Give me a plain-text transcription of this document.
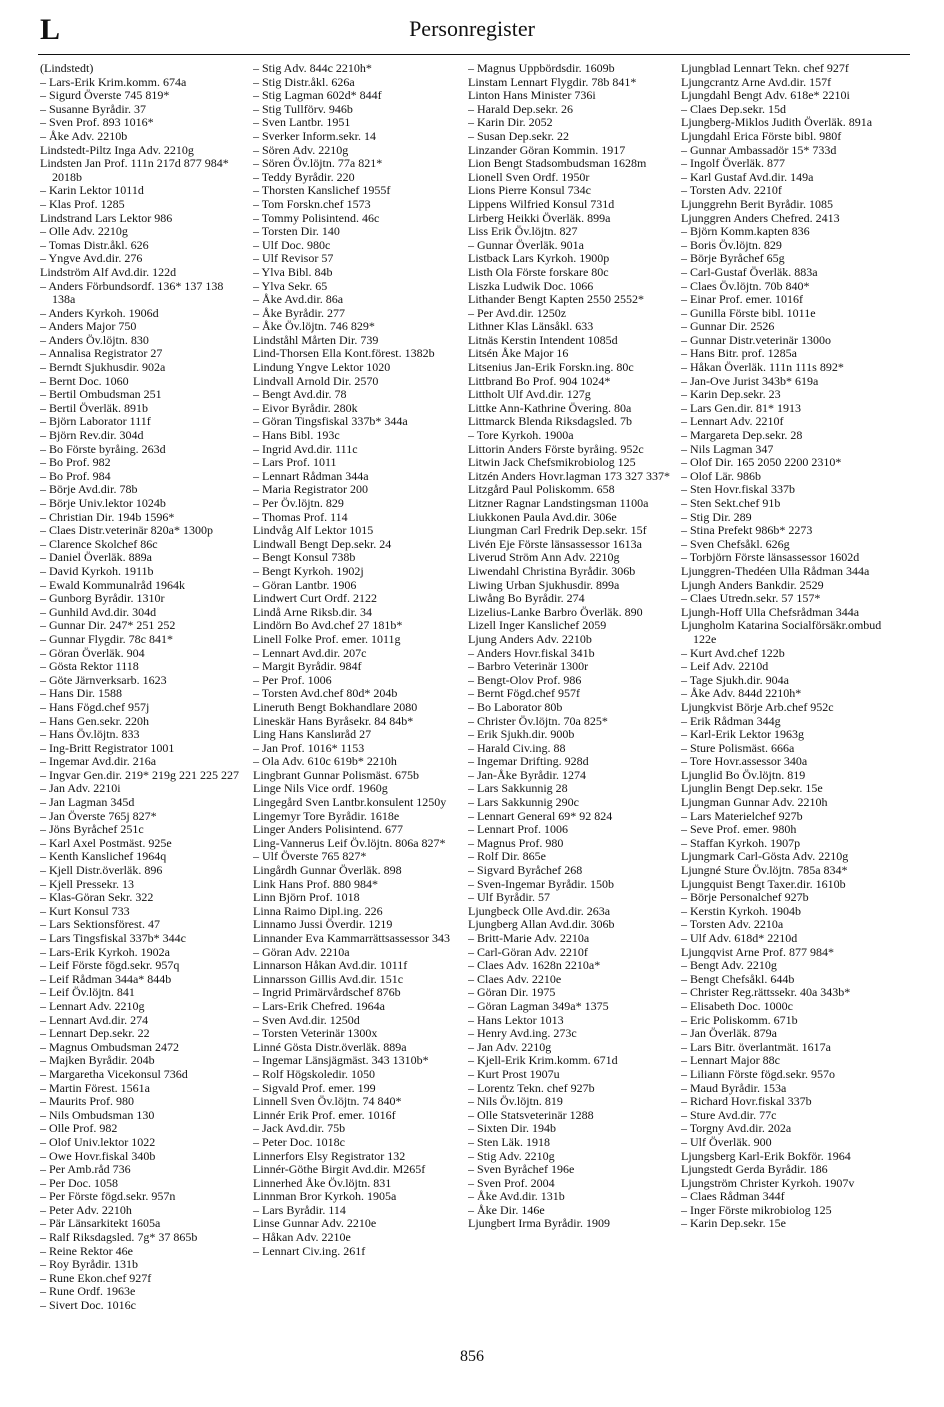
L	Personregister
(Lindstedt)
– Lars-Erik Krim.komm. 674a
– Sigurd Överste 745 819*
– Susanne Byrådir. 37
– Sven Prof. 893 1016*
– Åke Adv. 2210b
Lindstedt-Piltz Inga Adv. 2210g
Lindsten Jan Prof. 111n 217d 877 984* 2018b
– Karin Lektor 1011d
– Klas Prof. 1285
Lindstrand Lars Lektor 986
– Olle Adv. 2210g
– Tomas Distr.åkl. 626
– Yngve Avd.dir. 276
Lindström Alf Avd.dir. 122d
– Anders Förbundsordf. 136* 137 138 138a
– Anders Kyrkoh. 1906d
– Anders Major 750
– Anders Öv.löjtn. 830
– Annalisa Registrator 27
– Berndt Sjukhusdir. 902a
– Bernt Doc. 1060
– Bertil Ombudsman 251
– Bertil Överläk. 891b
– Björn Laborator 111f
– Björn Rev.dir. 304d
– Bo Förste byråing. 263d
– Bo Prof. 982
– Bo Prof. 984
– Börje Avd.dir. 78b
– Börje Univ.lektor 1024b
– Christian Dir. 194b 1596*
– Claes Distr.veterinär 820a* 1300p
– Clarence Skolchef 86c
– Daniel Överläk. 889a
– David Kyrkoh. 1911b
– Ewald Kommunalråd 1964k
– Gunborg Byrådir. 1310r
– Gunhild Avd.dir. 304d
– Gunnar Dir. 247* 251 252
– Gunnar Flygdir. 78c 841*
– Göran Överläk. 904
– Gösta Rektor 1118
– Göte Järnverksarb. 1623
– Hans Dir. 1588
– Hans Fögd.chef 957j
– Hans Gen.sekr. 220h
– Hans Öv.löjtn. 833
– Ing-Britt Registrator 1001
– Ingemar Avd.dir. 216a
– Ingvar Gen.dir. 219* 219g 221 225 227
– Jan Adv. 2210i
– Jan Lagman 345d
– Jan Överste 765j 827*
– Jöns Byråchef 251c
– Karl Axel Postmäst. 925e
– Kenth Kanslichef 1964q
– Kjell Distr.överläk. 896
– Kjell Pressekr. 13
– Klas-Göran Sekr. 322
– Kurt Konsul 733
– Lars Sektionsförest. 47
– Lars Tingsfiskal 337b* 344c
– Lars-Erik Kyrkoh. 1902a
– Leif Förste fögd.sekr. 957q
– Leif Rådman 344a* 844b
– Leif Öv.löjtn. 841
– Lennart Adv. 2210g
– Lennart Avd.dir. 274
– Lennart Dep.sekr. 22
– Magnus Ombudsman 2472
– Majken Byrådir. 204b
– Margaretha Vicekonsul 736d
– Martin Förest. 1561a
– Maurits Prof. 980
– Nils Ombudsman 130
– Olle Prof. 982
– Olof Univ.lektor 1022
– Owe Hovr.fiskal 340b
– Per Amb.råd 736
– Per Doc. 1058
– Per Förste fögd.sekr. 957n
– Peter Adv. 2210h
– Pär Länsarkitekt 1605a
– Ralf Riksdagsled. 7g* 37 865b
– Reine Rektor 46e
– Roy Byrådir. 131b
– Rune Ekon.chef 927f
– Rune Ordf. 1963e
– Sivert Doc. 1016c
– Stig Adv. 844c 2210h*
– Stig Distr.åkl. 626a
– Stig Lagman 602d* 844f
– Stig Tullförv. 946b
– Sven Lantbr. 1951
– Sverker Inform.sekr. 14
– Sören Adv. 2210g
– Sören Öv.löjtn. 77a 821*
– Teddy Byrådir. 220
– Thorsten Kanslichef 1955f
– Tom Forskn.chef 1573
– Tommy Polisintend. 46c
– Torsten Dir. 140
– Ulf Doc. 980c
– Ulf Revisor 57
– Ylva Bibl. 84b
– Ylva Sekr. 65
– Åke Avd.dir. 86a
– Åke Byrådir. 277
– Åke Öv.löjtn. 746 829*
Lindståhl Mårten Dir. 739
Lind-Thorsen Ella Kont.förest. 1382b
Lindung Yngve Lektor 1020
Lindvall Arnold Dir. 2570
– Bengt Avd.dir. 78
– Eivor Byrådir. 280k
– Göran Tingsfiskal 337b* 344a
– Hans Bibl. 193c
– Ingrid Avd.dir. 111c
– Lars Prof. 1011
– Lennart Rådman 344a
– Maria Registrator 200
– Per Öv.löjtn. 829
– Thomas Prof. 114
Lindvåg Alf Lektor 1015
Lindwall Bengt Dep.sekr. 24
– Bengt Konsul 738b
– Bengt Kyrkoh. 1902j
– Göran Lantbr. 1906
Lindwert Curt Ordf. 2122
Lindå Arne Riksb.dir. 34
Lindörn Bo Avd.chef 27 181b*
Linell Folke Prof. emer. 1011g
– Lennart Avd.dir. 207c
– Margit Byrådir. 984f
– Per Prof. 1006
– Torsten Avd.chef 80d* 204b
Lineruth Bengt Bokhandlare 2080
Lineskär Hans Byråsekr. 84 84b*
Ling Hans Kanslиråd 27
– Jan Prof. 1016* 1153
– Ola Adv. 610c 619b* 2210h
Lingbrant Gunnar Polismäst. 675b
Linge Nils Vice ordf. 1960g
Lingegård Sven Lantbr.konsulent 1250y
Lingemyr Tore Byrådir. 1618e
Linger Anders Polisintend. 677
Ling-Vannerus Leif Öv.löjtn. 806a 827*
– Ulf Överste 765 827*
Lingårdh Gunnar Överläk. 898
Link Hans Prof. 880 984*
Linn Björn Prof. 1018
Linna Raimo Dipl.ing. 226
Linnamo Jussi Överdir. 1219
Linnander Eva Kammarrättsassessor 343
– Göran Adv. 2210a
Linnarson Håkan Avd.dir. 1011f
Linnarsson Gillis Avd.dir. 151c
– Ingrid Primärvårdschef 876b
– Lars-Erik Chefred. 1964a
– Sven Avd.dir. 1250d
– Torsten Veterinär 1300x
Linné Gösta Distr.överläk. 889a
– Ingemar Länsjägmäst. 343 1310b*
– Rolf Högskoledir. 1050
– Sigvald Prof. emer. 199
Linnell Sven Öv.löjtn. 74 840*
Linnér Erik Prof. emer. 1016f
– Jack Avd.dir. 75b
– Peter Doc. 1018c
Linnerfors Elsy Registrator 132
Linnér-Göthe Birgit Avd.dir. M265f
Linnerhed Åke Öv.löjtn. 831
Linnman Bror Kyrkoh. 1905a
– Lars Byrådir. 114
Linse Gunnar Adv. 2210e
– Håkan Adv. 2210e
– Lennart Civ.ing. 261f
– Magnus Uppbördsdir. 1609b
Linstam Lennart Flygdir. 78b 841*
Linton Hans Minister 736i
– Harald Dep.sekr. 26
– Karin Dir. 2052
– Susan Dep.sekr. 22
Linzander Göran Kommin. 1917
Lion Bengt Stadsombudsman 1628m
Lionell Sven Ordf. 1950r
Lions Pierre Konsul 734c
Lippens Wilfried Konsul 731d
Lirberg Heikki Överläk. 899a
Liss Erik Öv.löjtn. 827
– Gunnar Överläk. 901a
Listback Lars Kyrkoh. 1900p
Listh Ola Förste forskare 80c
Liszka Ludwik Doc. 1066
Lithander Bengt Kapten 2550 2552*
– Per Avd.dir. 1250z
Lithner Klas Länsåkl. 633
Litnäs Kerstin Intendent 1085d
Litsén Åke Major 16
Litsenius Jan-Erik Forskn.ing. 80c
Littbrand Bo Prof. 904 1024*
Littholt Ulf Avd.dir. 127g
Littke Ann-Kathrine Övering. 80a
Littmarck Blenda Riksdagsled. 7b
– Tore Kyrkoh. 1900a
Littorin Anders Förste byråing. 952c
Litwin Jack Chefsmikrobiolog 125
Litzén Anders Hovr.lagman 173 327 337*
Litzgård Paul Poliskomm. 658
Litzner Ragnar Landstingsman 1100a
Liukkonen Paula Avd.dir. 306e
Liungman Carl Fredrik Dep.sekr. 15f
Livén Eje Förste länsassessor 1613a
Liverud Ström Ann Adv. 2210g
Liwendahl Christina Byrådir. 306b
Liwing Urban Sjukhusdir. 899a
Liwång Bo Byrådir. 274
Lizelius-Lanke Barbro Överläk. 890
Lizell Inger Kanslichef 2059
Ljung Anders Adv. 2210b
– Anders Hovr.fiskal 341b
– Barbro Veterinär 1300r
– Bengt-Olov Prof. 986
– Bernt Fögd.chef 957f
– Bo Laborator 80b
– Christer Öv.löjtn. 70a 825*
– Erik Sjukh.dir. 900b
– Harald Civ.ing. 88
– Ingemar Drifting. 928d
– Jan-Åke Byrådir. 1274
– Lars Sakkunnig 28
– Lars Sakkunnig 290c
– Lennart General 69* 92 824
– Lennart Prof. 1006
– Magnus Prof. 980
– Rolf Dir. 865e
– Sigvard Byråchef 268
– Sven-Ingemar Byrådir. 150b
– Ulf Byrådir. 57
Ljungbeck Olle Avd.dir. 263a
Ljungberg Allan Avd.dir. 306b
– Britt-Marie Adv. 2210a
– Carl-Göran Adv. 2210f
– Claes Adv. 1628n 2210a*
– Claes Adv. 2210e
– Göran Dir. 1975
– Göran Lagman 349a* 1375
– Hans Lektor 1013
– Henry Avd.ing. 273c
– Jan Adv. 2210g
– Kjell-Erik Krim.komm. 671d
– Kurt Prost 1907u
– Lorentz Tekn. chef 927b
– Nils Öv.löjtn. 819
– Olle Statsveterinär 1288
– Sixten Dir. 194b
– Sten Läk. 1918
– Stig Adv. 2210g
– Sven Byråchef 196e
– Sven Prof. 2004
– Åke Avd.dir. 131b
– Åke Dir. 146e
Ljungbert Irma Byrådir. 1909
Ljungblad Lennart Tekn. chef 927f
Ljungcrantz Arne Avd.dir. 157f
Ljungdahl Bengt Adv. 618e* 2210i
– Claes Dep.sekr. 15d
Ljungberg-Miklos Judith Överläk. 891a
Ljungdahl Erica Förste bibl. 980f
– Gunnar Ambassadör 15* 733d
– Ingolf Överläk. 877
– Karl Gustaf Avd.dir. 149a
– Torsten Adv. 2210f
Ljunggrehn Berit Byrådir. 1085
Ljunggren Anders Chefred. 2413
– Björn Komm.kapten 836
– Boris Öv.löjtn. 829
– Börje Byråchef 65g
– Carl-Gustaf Överläk. 883a
– Claes Öv.löjtn. 70b 840*
– Einar Prof. emer. 1016f
– Gunilla Förste bibl. 1011e
– Gunnar Dir. 2526
– Gunnar Distr.veterinär 1300o
– Hans Bitr. prof. 1285a
– Håkan Överläk. 111n 111s 892*
– Jan-Ove Jurist 343b* 619a
– Karin Dep.sekr. 23
– Lars Gen.dir. 81* 1913
– Lennart Adv. 2210f
– Margareta Dep.sekr. 28
– Nils Lagman 347
– Olof Dir. 165 2050 2200 2310*
– Olof Lär. 986b
– Sten Hovr.fiskal 337b
– Sten Sekt.chef 91b
– Stig Dir. 289
– Stina Prefekt 986b* 2273
– Sven Chefsåkl. 626g
– Torbjörn Förste länsassessor 1602d
Ljunggren-Thedéen Ulla Rådman 344a
Ljungh Anders Bankdir. 2529
– Claes Utredn.sekr. 57 157*
Ljungh-Hoff Ulla Chefsrådman 344a
Ljungholm Katarina Socialförsäkr.ombud 122e
– Kurt Avd.chef 122b
– Leif Adv. 2210d
– Tage Sjukh.dir. 904a
– Åke Adv. 844d 2210h*
Ljungkvist Börje Arb.chef 952c
– Erik Rådman 344g
– Karl-Erik Lektor 1963g
– Sture Polismäst. 666a
– Tore Hovr.assessor 340a
Ljunglid Bo Öv.löjtn. 819
Ljunglin Bengt Dep.sekr. 15e
Ljungman Gunnar Adv. 2210h
– Lars Materielchef 927b
– Seve Prof. emer. 980h
– Staffan Kyrkoh. 1907p
Ljungmark Carl-Gösta Adv. 2210g
Ljungné Sture Öv.löjtn. 785a 834*
Ljungquist Bengt Taxer.dir. 1610b
– Börje Personalchef 927b
– Kerstin Kyrkoh. 1904b
– Torsten Adv. 2210a
– Ulf Adv. 618d* 2210d
Ljungqvist Arne Prof. 877 984*
– Bengt Adv. 2210g
– Bengt Chefsåkl. 644b
– Christer Reg.rättssekr. 40a 343b*
– Elisabeth Doc. 1000c
– Eric Poliskomm. 671b
– Jan Överläk. 879a
– Lars Bitr. överlantmät. 1617a
– Lennart Major 88c
– Liliann Förste fögd.sekr. 957o
– Maud Byrådir. 153a
– Richard Hovr.fiskal 337b
– Sture Avd.dir. 77c
– Torgny Avd.dir. 202a
– Ulf Överläk. 900
Ljungsberg Karl-Erik Bokför. 1964
Ljungstedt Gerda Byrådir. 186
Ljungström Christer Kyrkoh. 1907v
– Claes Rådman 344f
– Inger Förste mikrobiolog 125
– Karin Dep.sekr. 15e
856
